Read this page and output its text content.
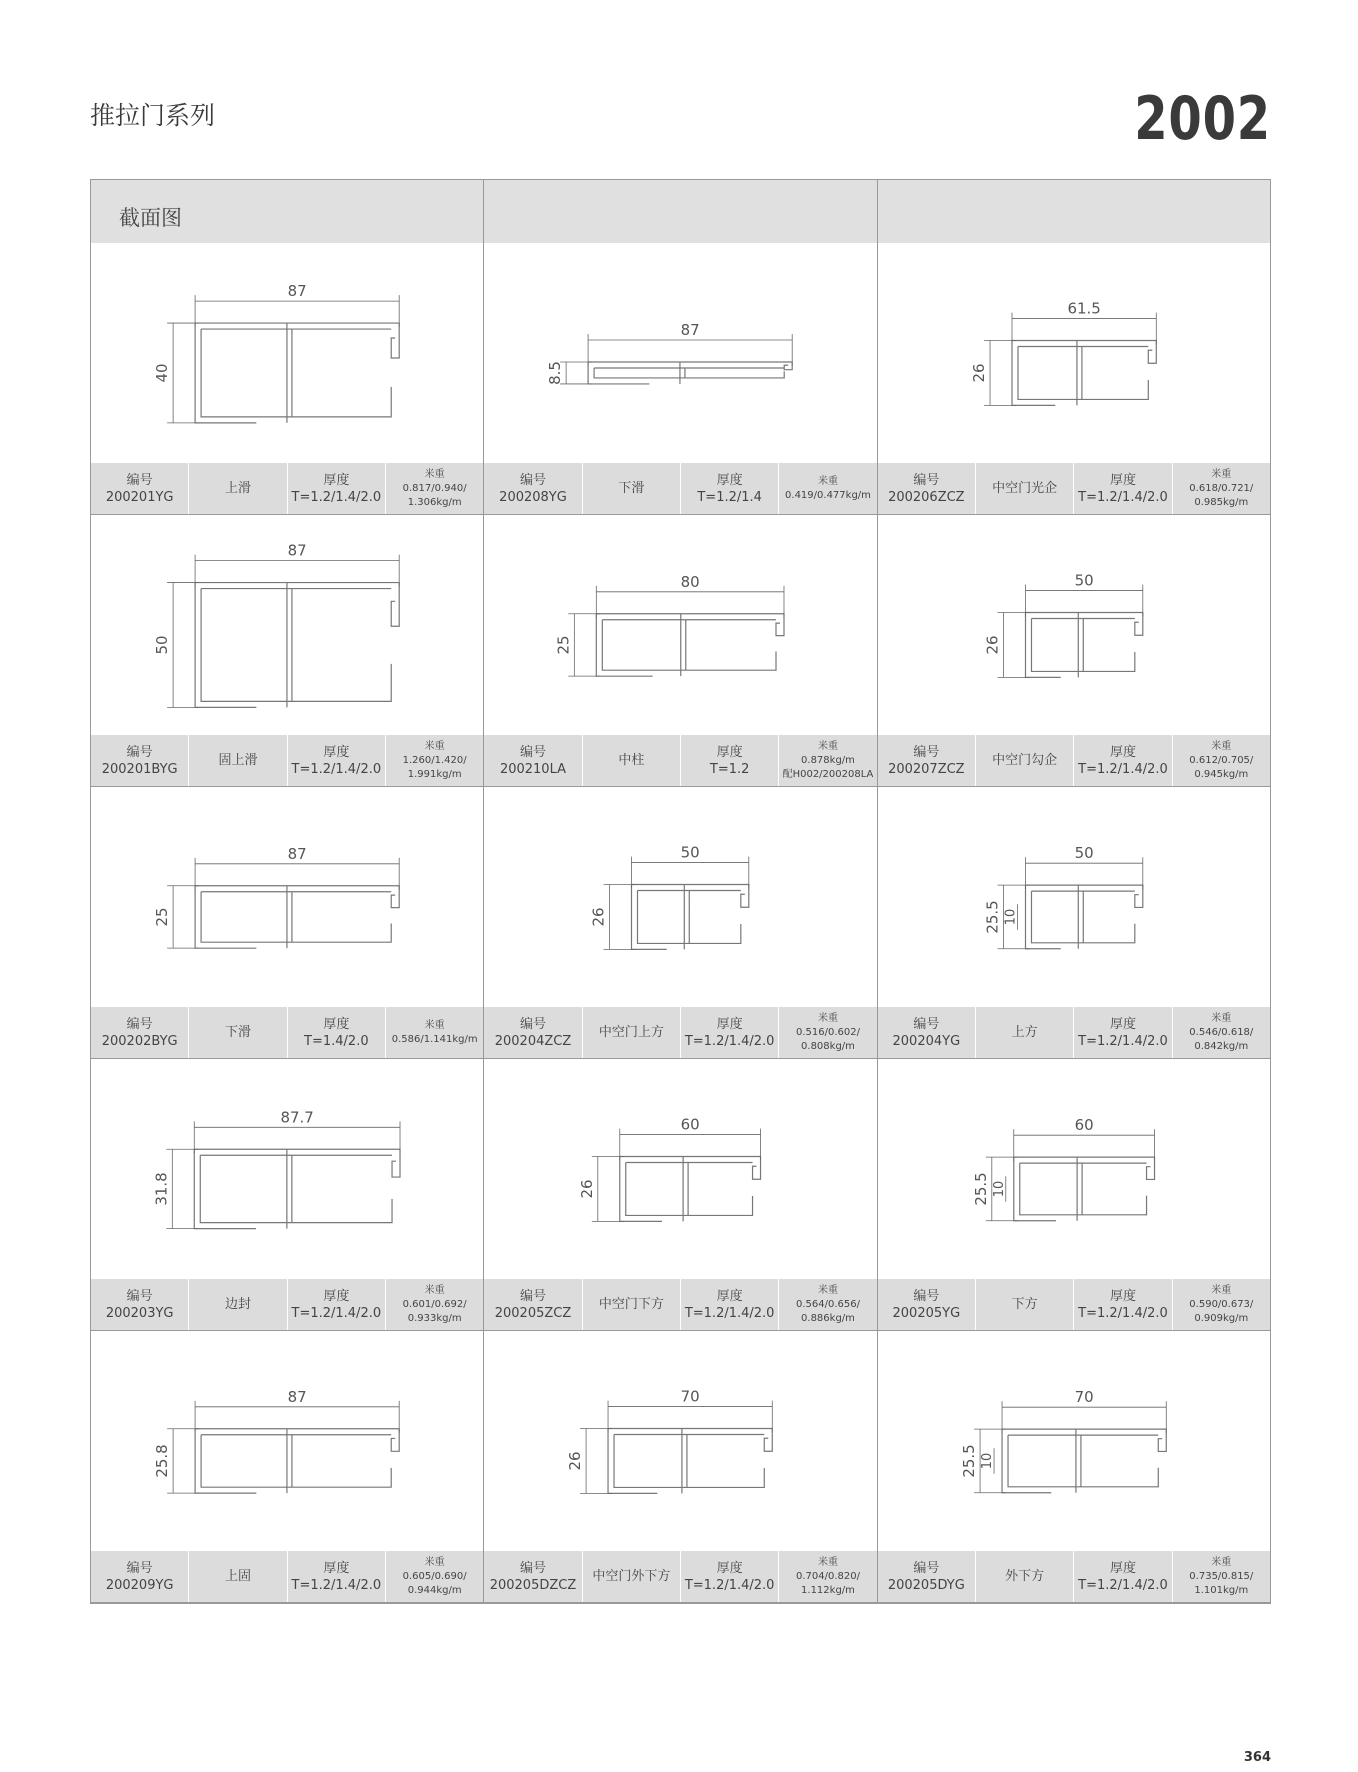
推拉门系列	2002
截面图
87
40
编号
200201YG
上滑
厚度
T=1.2/1.4/2.0
米重
0.817/0.940/
1.306kg/m
87
8.5
编号
200208YG
下滑
厚度
T=1.2/1.4
米重
0.419/0.477kg/m
61.5
26
编号
200206ZCZ
中空门光企
厚度
T=1.2/1.4/2.0
米重
0.618/0.721/
0.985kg/m
87
50
编号
200201BYG
固上滑
厚度
T=1.2/1.4/2.0
米重
1.260/1.420/
1.991kg/m
80
25
编号
200210LA
中柱
厚度
T=1.2
米重
0.878kg/m
配H002/200208LA
50
26
编号
200207ZCZ
中空门勾企
厚度
T=1.2/1.4/2.0
米重
0.612/0.705/
0.945kg/m
87
25
编号
200202BYG
下滑
厚度
T=1.4/2.0
米重
0.586/1.141kg/m
50
26
编号
200204ZCZ
中空门上方
厚度
T=1.2/1.4/2.0
米重
0.516/0.602/
0.808kg/m
50
25.5 10
编号
200204YG
上方
厚度
T=1.2/1.4/2.0
米重
0.546/0.618/
0.842kg/m
87.7
31.8
编号
200203YG
边封
厚度
T=1.2/1.4/2.0
米重
0.601/0.692/
0.933kg/m
60
26
编号
200205ZCZ
中空门下方
厚度
T=1.2/1.4/2.0
米重
0.564/0.656/
0.886kg/m
60
25.5 10
编号
200205YG
下方
厚度
T=1.2/1.4/2.0
米重
0.590/0.673/
0.909kg/m
87
25.8
编号
200209YG
上固
厚度
T=1.2/1.4/2.0
米重
0.605/0.690/
0.944kg/m
70
26
编号
200205DZCZ
中空门外下方
厚度
T=1.2/1.4/2.0
米重
0.704/0.820/
1.112kg/m
70
25.5 10
编号
200205DYG
外下方
厚度
T=1.2/1.4/2.0
米重
0.735/0.815/
1.101kg/m
364
